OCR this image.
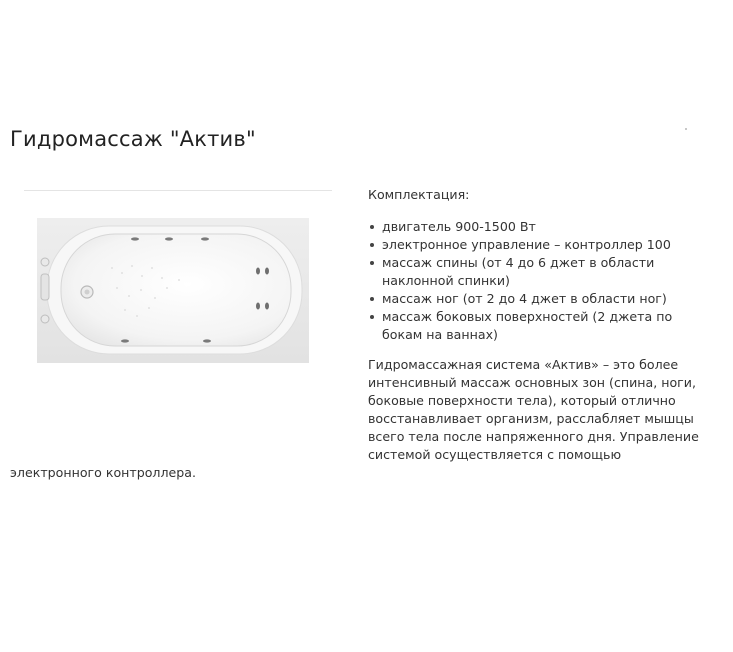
Гидромассаж "Актив"

Комплектация:

двигатель 900-1500 Вт
электронное управление – контроллер 100
массаж спины (от 4 до 6 джет в области наклонной спинки)
массаж ног (от 2 до 4 джет в области ног)
массаж боковых поверхностей (2 джета по бокам на ваннах)

Гидромассажная система «Актив» – это более интенсивный массаж основных зон (спина, ноги, боковые поверхности тела), который отлично восстанавливает организм, расслабляет мышцы всего тела после напряженного дня. Управление системой осуществляется с помощью электронного контроллера.
